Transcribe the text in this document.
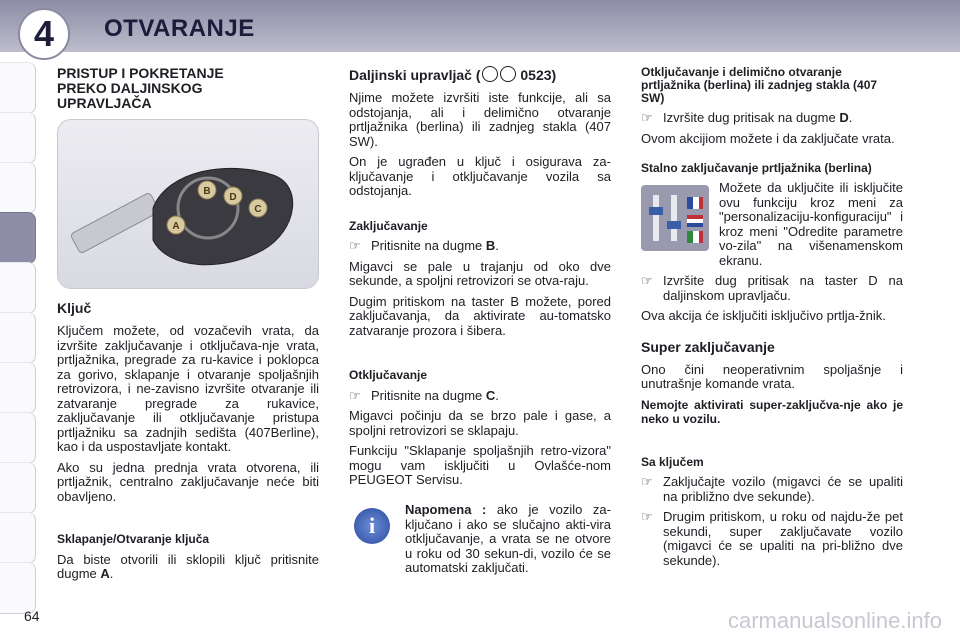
4	OTVARANJE
PRISTUP I POKRETANJE PREKO DALJINSKOG UPRAVLJAČA
A
B
D
C
Ključ

Ključem možete, od vozačevih vrata, da izvršite zaključavanje i otključava-nje vrata, prtljažnika, pregrade za ru-kavice i poklopca za gorivo, sklapanje i otvaranje spoljašnjih retrovizora, i ne-zavisno izvršite otvaranje ili zatvaranje pregrade za rukavice, zaključavanje ili otključavanje pristupa prtljažniku sa zadnjih sedišta (407Berline), kao i da uspostavljate kontakt.

Ako su jedna prednja vrata otvorena, ili prtljažnik, centralno zaključavanje neće biti obavljeno.

Sklapanje/Otvaranje ključa

Da biste otvorili ili sklopili ključ pritisnite dugme A.

Daljinski upravljač (	0523)

Njime možete izvršiti iste funkcije, ali sa odstojanja, ali i delimično otvaranje prtljažnika (berlina) ili zadnjeg stakla (407 SW).

On je ugrađen u ključ i osigurava za-ključavanje i otključavanje vozila sa odstojanja.

Zaključavanje
☞ Pritisnite na dugme B.

Migavci se pale u trajanju od oko dve sekunde, a spoljni retrovizori se otva-raju.

Dugim pritiskom na taster B možete, pored zaključavanja, da aktivirate au-tomatsko zatvaranje prozora i šibera.

Otključavanje
☞ Pritisnite na dugme C.

Migavci počinju da se brzo pale i gase, a spoljni retrovizori se sklapaju.

Funkciju "Sklapanje spoljašnjih retro-vizora" mogu vam isključiti u Ovlašće-nom PEUGEOT Servisu.

i
Napomena : ako je vozilo za-ključano i ako se slučajno akti-vira otključavanje, a vrata se ne otvore u roku od 30 sekun-di, vozilo će se automatski zaključati.
Otključavanje i delimično otvaranje prtljažnika (berlina) ili zadnjeg stakla (407 SW)
☞ Izvršite dug pritisak na dugme D.

Ovom akcijiom možete i da zaključate vrata.

Stalno zaključavanje prtljažnika (berlina)

Možete da uključite ili isključite ovu funkciju kroz meni za "personalizaciju-konfiguraciju" i kroz meni "Odredite parametre vo-zila" na višenamenskom ekranu.

☞ Izvršite dug pritisak na taster D na daljinskom upravljaču.

Ova akcija će isključiti isključivo prtlja-žnik.

Super zaključavanje

Ono čini neoperativnim spoljašnje i unutrašnje komande vrata.

Nemojte aktivirati super-zaključva-nje ako je neko u vozilu.

Sa ključem
☞ Zaključajte vozilo (migavci će se upaliti na približno dve sekunde).
☞ Drugim pritiskom, u roku od najdu-že pet sekundi, super zaključavate vozilo (migavci će se upaliti na pri-bližno dve sekunde).
64	carmanualsonline.info
